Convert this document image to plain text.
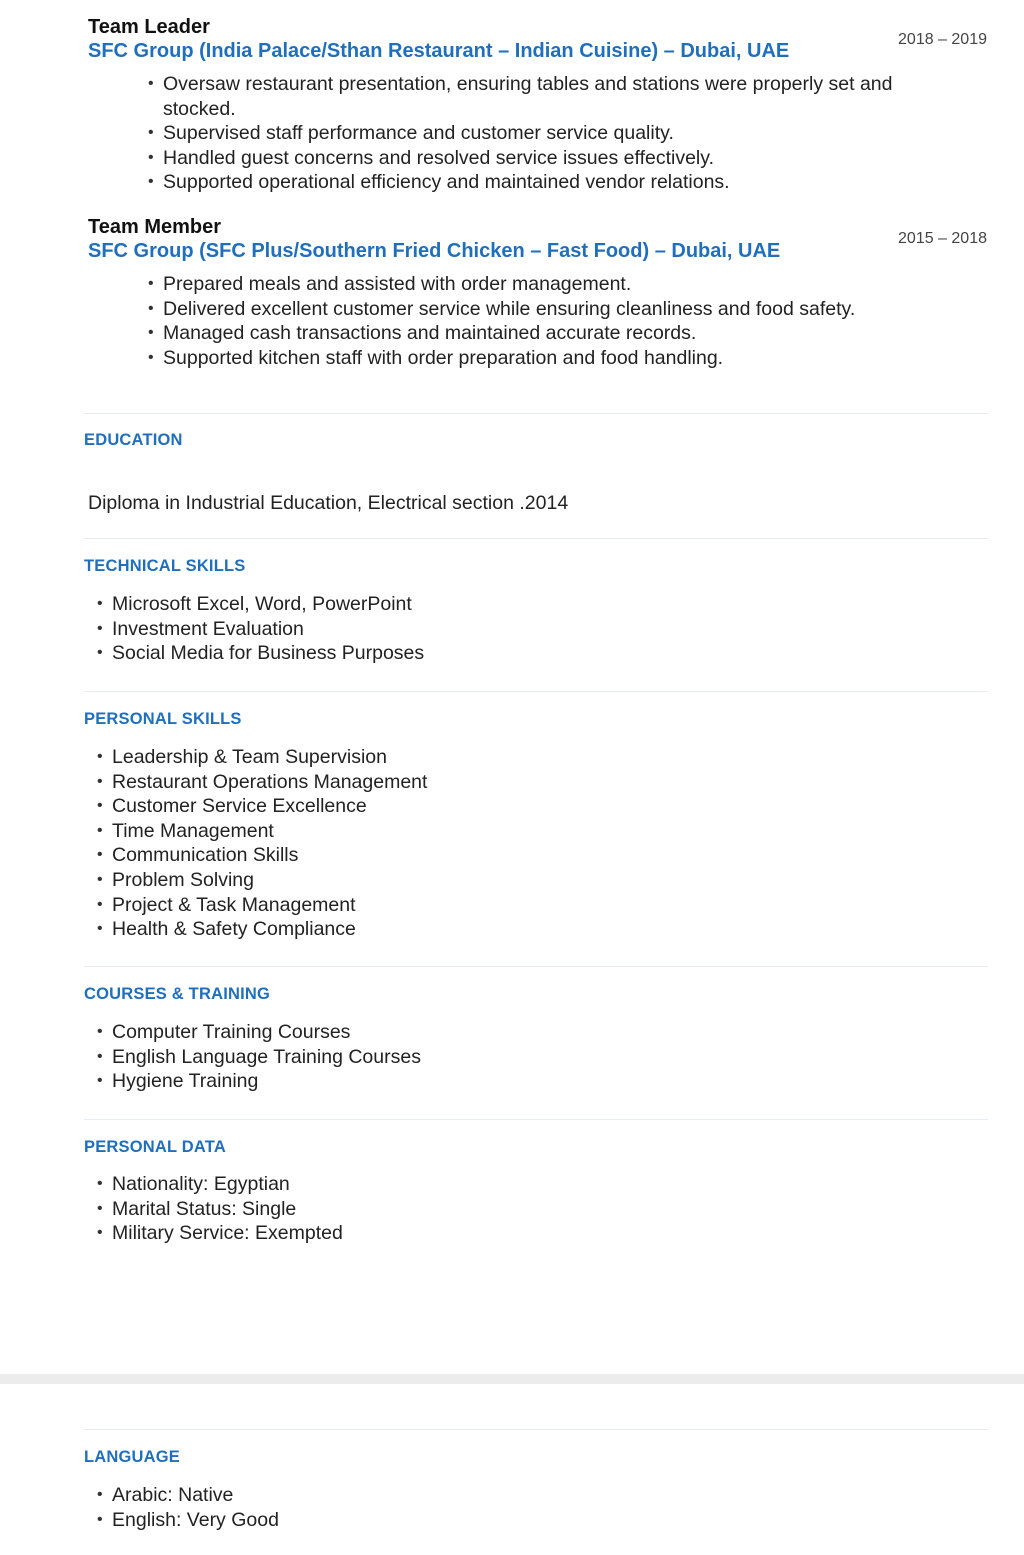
Team Leader
SFC Group (India Palace/Sthan Restaurant – Indian Cuisine) – Dubai, UAE
2018 – 2019
• Oversaw restaurant presentation, ensuring tables and stations were properly set and stocked.
• Supervised staff performance and customer service quality.
• Handled guest concerns and resolved service issues effectively.
• Supported operational efficiency and maintained vendor relations.
Team Member
SFC Group (SFC Plus/Southern Fried Chicken – Fast Food) – Dubai, UAE
2015 – 2018
• Prepared meals and assisted with order management.
• Delivered excellent customer service while ensuring cleanliness and food safety.
• Managed cash transactions and maintained accurate records.
• Supported kitchen staff with order preparation and food handling.
EDUCATION
Diploma in Industrial Education, Electrical section .2014
TECHNICAL SKILLS
• Microsoft Excel, Word, PowerPoint
• Investment Evaluation
• Social Media for Business Purposes
PERSONAL SKILLS
• Leadership & Team Supervision
• Restaurant Operations Management
• Customer Service Excellence
• Time Management
• Communication Skills
• Problem Solving
• Project & Task Management
• Health & Safety Compliance
COURSES & TRAINING
• Computer Training Courses
• English Language Training Courses
• Hygiene Training
PERSONAL DATA
• Nationality: Egyptian
• Marital Status: Single
• Military Service: Exempted
LANGUAGE
• Arabic: Native
• English: Very Good
